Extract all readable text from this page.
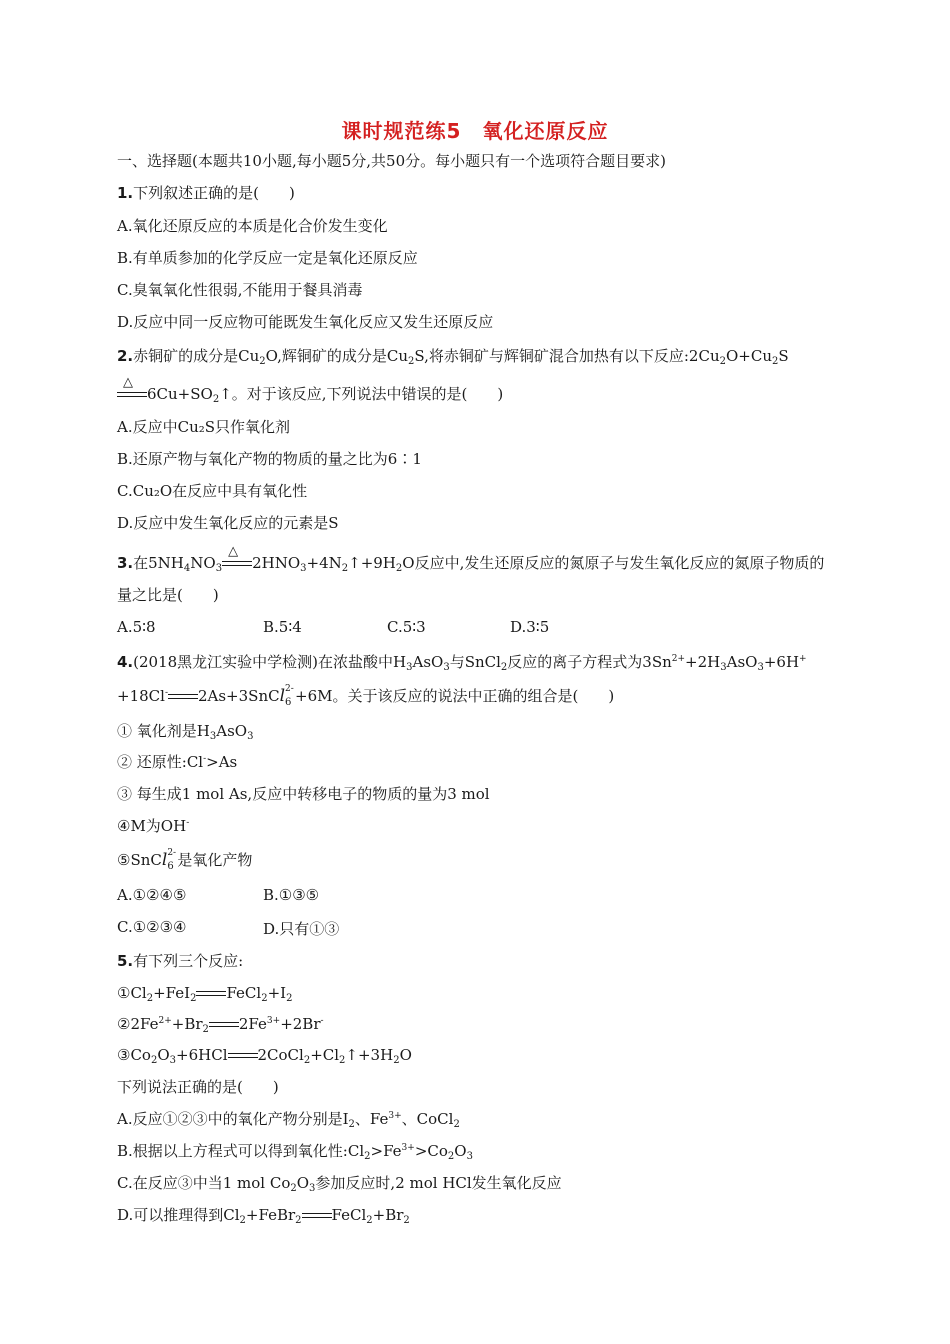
课时规范练5　氧化还原反应
一、选择题(本题共10小题,每小题5分,共50分。每小题只有一个选项符合题目要求)
1.下列叙述正确的是(　　)
A.氧化还原反应的本质是化合价发生变化
B.有单质参加的化学反应一定是氧化还原反应
C.臭氧氧化性很弱,不能用于餐具消毒
D.反应中同一反应物可能既发生氧化反应又发生还原反应
2.赤铜矿的成分是$Cu_2O$,辉铜矿的成分是$Cu_2S$,将赤铜矿与辉铜矿混合加热有以下反应$:2Cu_2O+Cu_2S$
△
$6Cu+SO_2↑$。对于该反应,下列说法中错误的是(　　)
A.反应中Cu₂S只作氧化剂
B.还原产物与氧化产物的物质的量之比为6∶1
C.Cu₂O在反应中具有氧化性
D.反应中发生氧化反应的元素是S
3.在$5NH_4NO_3$
△
$2HNO_3+4N_2↑+9H_2O$反应中,发生还原反应的氮原子与发生氧化反应的氮原子物质的
量之比是(　　)
A.5∶8	B.5∶4	C.5∶3	D.3∶5
4.(2018黑龙江实验中学检测)在浓盐酸中$H_3AsO_3$与SnCl$_2$反应的离子方程式为$3Sn^{2+}+2H_3AsO_3+6H^+$
+18Cl- 2As+3SnCl 2-
6 +6M。关于该反应的说法中正确的组合是(　　)
① 氧化剂是$H_3AsO_3$
② 还原性:Cl->As
③ 每生成1 mol As,反应中转移电子的物质的量为3 mol
④M为OH-
⑤SnCl 2-
6 是氧化产物
A.①②④⑤	B.①③⑤
C.①②③④	D.只有①③
5.有下列三个反应:
$①Cl_2+FeI_2$ $FeCl_2+I_2$
$②2Fe^{2+}+Br_2$ $2Fe^{3+}+2Br^-$
$③Co_2O_3+6HCl$ $2CoCl_2+Cl_2↑+3H_2O$
下列说法正确的是(　　)
A.反应①②③中的氧化产物分别是$I_2$、$Fe^{3+}$、CoCl$_2$
B.根据以上方程式可以得到氧化性$:Cl_2>Fe^{3+}>Co_2O_3$
C.在反应③中当1 mol $Co_2O_3$参加反应时,2 mol HCl发生氧化反应
D.可以推理得到$Cl_2+FeBr_2$ $FeCl_2+Br_2$
